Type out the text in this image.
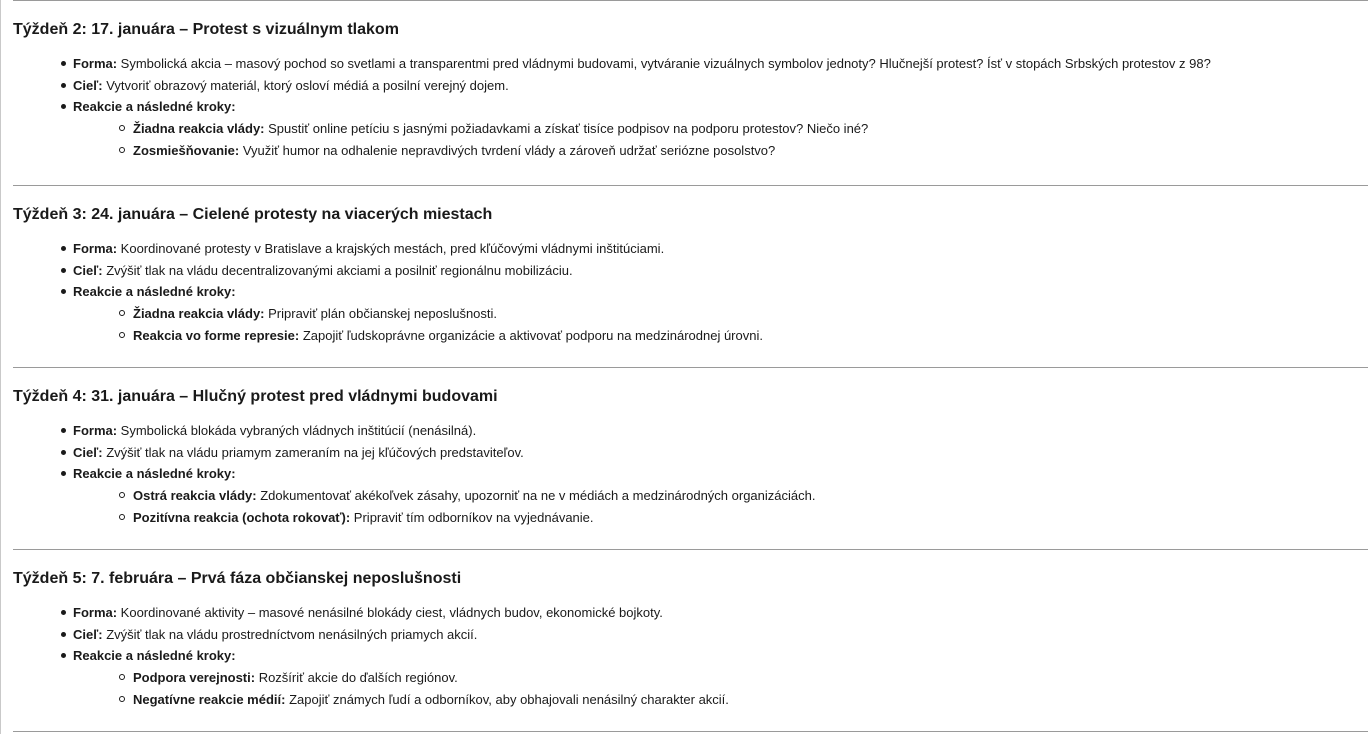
Týždeň 2: 17. januára – Protest s vizuálnym tlakom
Forma: Symbolická akcia – masový pochod so svetlami a transparentmi pred vládnymi budovami, vytváranie vizuálnych symbolov jednoty? Hlučnejší protest? Ísť v stopách Srbských protestov z 98?
Cieľ: Vytvoriť obrazový materiál, ktorý osloví médiá a posilní verejný dojem.
Reakcie a následné kroky:
Žiadna reakcia vlády: Spustiť online petíciu s jasnými požiadavkami a získať tisíce podpisov na podporu protestov? Niečo iné?
Zosmiešňovanie: Využiť humor na odhalenie nepravdivých tvrdení vlády a zároveň udržať seriózne posolstvo?
Týždeň 3: 24. januára – Cielené protesty na viacerých miestach
Forma: Koordinované protesty v Bratislave a krajských mestách, pred kľúčovými vládnymi inštitúciami.
Cieľ: Zvýšiť tlak na vládu decentralizovanými akciami a posilniť regionálnu mobilizáciu.
Reakcie a následné kroky:
Žiadna reakcia vlády: Pripraviť plán občianskej neposlušnosti.
Reakcia vo forme represie: Zapojiť ľudskoprávne organizácie a aktivovať podporu na medzinárodnej úrovni.
Týždeň 4: 31. januára – Hlučný protest pred vládnymi budovami
Forma: Symbolická blokáda vybraných vládnych inštitúcií (nenásilná).
Cieľ: Zvýšiť tlak na vládu priamym zameraním na jej kľúčových predstaviteľov.
Reakcie a následné kroky:
Ostrá reakcia vlády: Zdokumentovať akékoľvek zásahy, upozorniť na ne v médiách a medzinárodných organizáciách.
Pozitívna reakcia (ochota rokovať): Pripraviť tím odborníkov na vyjednávanie.
Týždeň 5: 7. februára – Prvá fáza občianskej neposlušnosti
Forma: Koordinované aktivity – masové nenásilné blokády ciest, vládnych budov, ekonomické bojkoty.
Cieľ: Zvýšiť tlak na vládu prostredníctvom nenásilných priamych akcií.
Reakcie a následné kroky:
Podpora verejnosti: Rozšíriť akcie do ďalších regiónov.
Negatívne reakcie médií: Zapojiť známych ľudí a odborníkov, aby obhajovali nenásilný charakter akcií.
